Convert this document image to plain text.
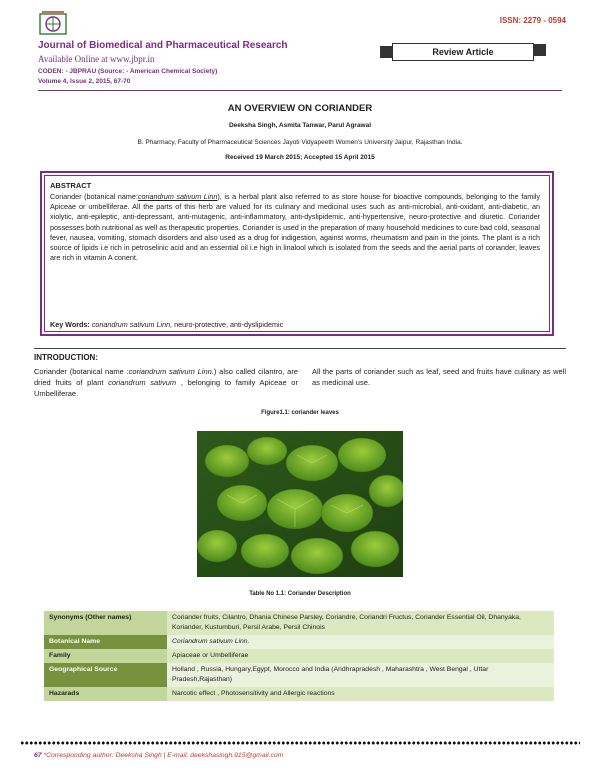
ISSN: 2279 - 0594
Journal of Biomedical and Pharmaceutical Research
Available Online at www.jbpr.in
CODEN: - JBPRAU (Source: - American Chemical Society)
Volume 4, Issue 2, 2015, 67-70
Review Article
AN OVERVIEW ON CORIANDER
Deeksha Singh, Asmita Tanwar, Parul Agrawal
B. Pharmacy, Faculty of Pharmaceutical Sciences Jayoti Vidyapeeth Women’s University Jaipur, Rajasthan India.
Received 19 March 2015; Accepted 15 April 2015
ABSTRACT
Coriander (botanical name:coriandrum sativum Linn), is a herbal plant also referred to as store house for bioactive compounds, belonging to the family Apiceae or umbelliferae. All the parts of this herb are valued for its culinary and medicinal uses such as anti-microbial, anti-oxidant, anti-diabetic, an xiolytic, anti-epileptic, anti-depressant, anti-mutagenic, anti-inflammatory, anti-dyslipidemic, anti-hypertensive, neuro-protective and diuretic. Coriander possesses both nutritional as well as therapeutic properties. Coriander is used in the preparation of many household medicines to cure bad cold, seasonal fever, nausea, vomiting, stomach disorders and also used as a drug for indigestion, against worms, rheumatism and pain in the joints. The plant is a rich source of lipids i.e rich in petroselinic acid and an essential oil i.e high in linalool which is isolated from the seeds and the aerial parts of coriander, leaves are rich in vitamin A conent.
Key Words: coriandrum sativum Linn, neuro-protective, anti-dyslipidemic
INTRODUCTION:
Coriander (botanical name :coriandrum sativum Linn.) also called cilantro, are dried fruits of plant coriandrum sativum , belonging to family Apiceae or Umbelliferae.
All the parts of coriander such as leaf, seed and fruits have culinary as well as medicinal use.
Figure1.1: coriander leaves
Table No 1.1: Coriander Description
Synonyms (Other names)	Coriander fruits, Cilantro, Dhania Chinese Parsley, Coriandre, Coriandri Fructus, Coriander Essential Oil, Dhanyaka, Koriander, Kustumburi, Persil Arabe, Persil Chinois
Botanical Name	Coriandrum sativum Linn.
Family	Apiaceae or Umbelliferae
Geographical Source	Holland , Russia, Hungary,Egypt, Morocco and India (Andhrapradesh , Maharashtra , West Bengal , Uttar Pradesh,Rajasthan)
Hazarads	Narcotic effect , Photosensitivity and Allergic reactions
67 *Corresponding author: Deeksha Singh | E-mail: deekshasingh.915@gmail.com
